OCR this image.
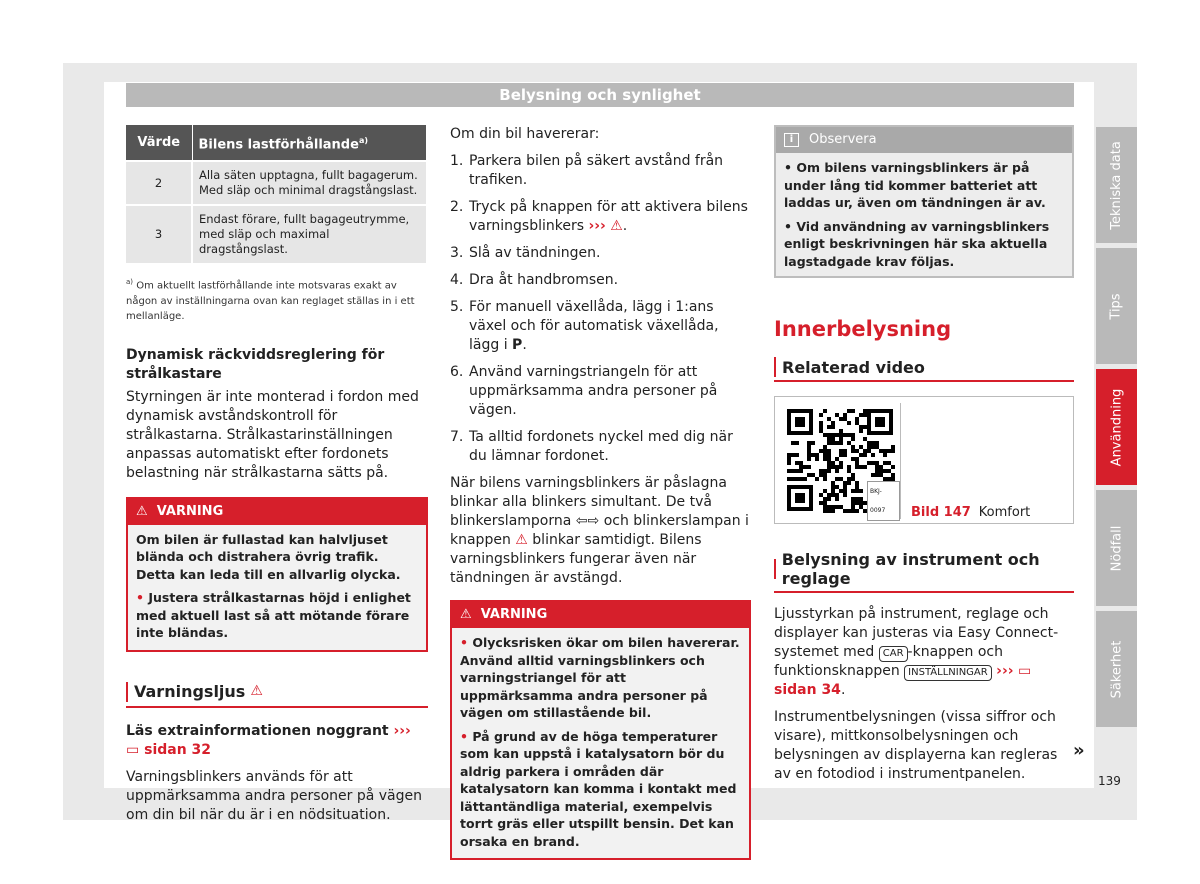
Belysning och synlighet
Värde	Bilens lastförhållande$^{a)}$
2	Alla säten upptagna, fullt bagagerum. Med släp och minimal dragstångslast.
3	Endast förare, fullt bagageutrymme, med släp och maximal dragstångslast.
$^{a)}$ Om aktuellt lastförhållande inte motsvaras exakt av någon av inställningarna ovan kan reglaget ställas in i ett mellanläge.
Dynamisk räckviddsreglering för strålkastare

Styrningen är inte monterad i fordon med dynamisk avståndskontroll för strålkastarna. Strålkastarinställningen anpassas automatiskt efter fordonets belastning när strålkastarna sätts på.

⚠ VARNING

Om bilen är fullastad kan halvljuset blända och distrahera övrig trafik. Detta kan leda till en allvarlig olycka.

• Justera strålkastarnas höjd i enlighet med aktuell last så att mötande förare inte bländas.

Varningsljus ⚠

Läs extrainformationen noggrant ››› ▭ sidan 32

Varningsblinkers används för att uppmärksamma andra personer på vägen om din bil när du är i en nödsituation.

Om din bil havererar:

1. Parkera bilen på säkert avstånd från trafiken.
2. Tryck på knappen för att aktivera bilens varningsblinkers ››› ⚠.
3. Slå av tändningen.
4. Dra åt handbromsen.
5. För manuell växellåda, lägg i 1:ans växel och för automatisk växellåda, lägg i P.
6. Använd varningstriangeln för att uppmärksamma andra personer på vägen.
7. Ta alltid fordonets nyckel med dig när du lämnar fordonet.

När bilens varningsblinkers är påslagna blinkar alla blinkers simultant. De två blinkerslamporna ⇦⇨ och blinkerslampan i knappen ⚠ blinkar samtidigt. Bilens varningsblinkers fungerar även när tändningen är avstängd.

⚠ VARNING

• Olycksrisken ökar om bilen havererar. Använd alltid varningsblinkers och varningstriangel för att uppmärksamma andra personer på vägen om stillastående bil.

• På grund av de höga temperaturer som kan uppstå i katalysatorn bör du aldrig parkera i områden där katalysatorn kan komma i kontakt med lättantändliga material, exempelvis torrt gräs eller utspillt bensin. Det kan orsaka en brand.

i	Observera

• Om bilens varningsblinkers är på under lång tid kommer batteriet att laddas ur, även om tändningen är av.

• Vid användning av varningsblinkers enligt beskrivningen här ska aktuella lagstadgade krav följas.

Innerbelysning
Relaterad video
BKJ-0097	Bild 147 Komfort
Belysning av instrument och reglage

Ljusstyrkan på instrument, reglage och displayer kan justeras via Easy Connect-systemet med CAR -knappen och funktionsknappen INSTÄLLNINGAR ››› ▭ sidan 34.

Instrumentbelysningen (vissa siffror och visare), mittkonsolbelysningen och belysningen av displayerna kan regleras av en fotodiod i instrumentpanelen.

»
Tekniska data
Tips
Användning
Nödfall
Säkerhet
139
